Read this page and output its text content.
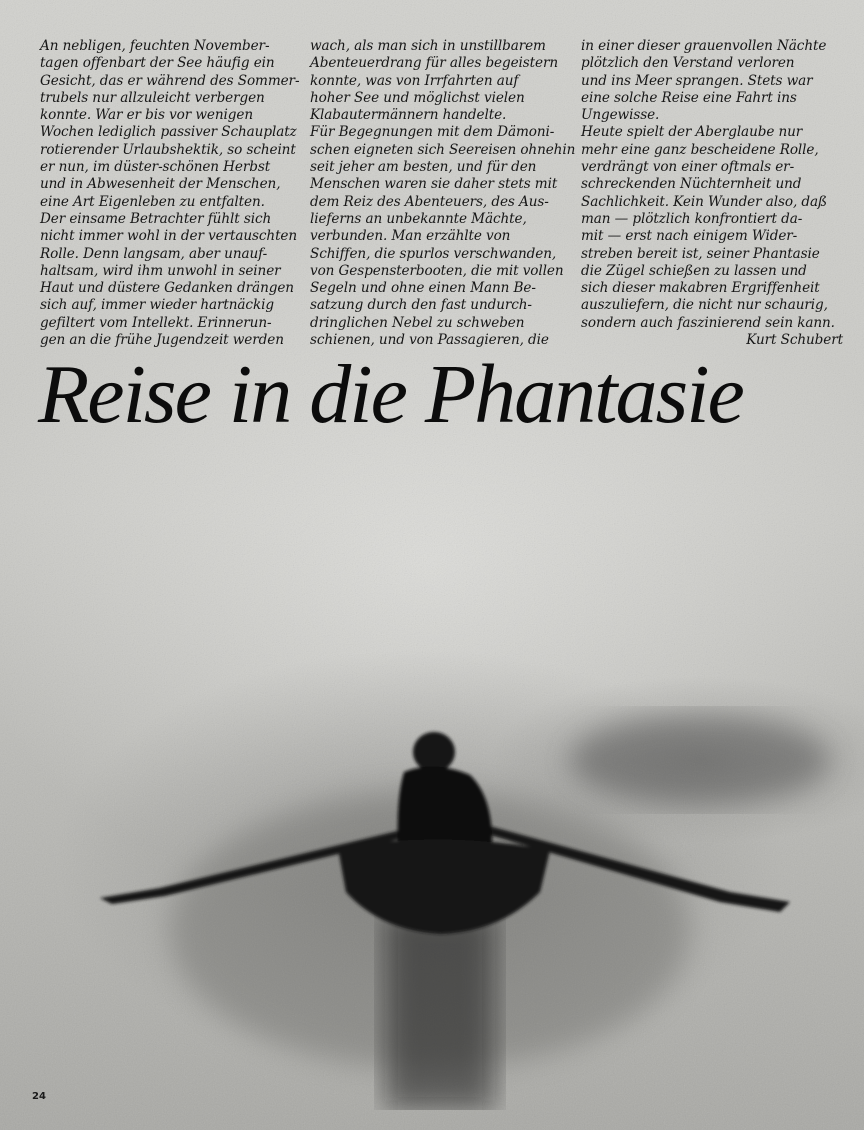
An nebligen, feuchten November-
tagen offenbart der See häufig ein
Gesicht, das er während des Sommer-
trubels nur allzuleicht verbergen
konnte. War er bis vor wenigen
Wochen lediglich passiver Schauplatz
rotierender Urlaubshektik, so scheint
er nun, im düster-schönen Herbst
und in Abwesenheit der Menschen,
eine Art Eigenleben zu entfalten.
Der einsame Betrachter fühlt sich
nicht immer wohl in der vertauschten
Rolle. Denn langsam, aber unauf-
haltsam, wird ihm unwohl in seiner
Haut und düstere Gedanken drängen
sich auf, immer wieder hartnäckig
gefiltert vom Intellekt. Erinnerun-
gen an die frühe Jugendzeit werden
wach, als man sich in unstillbarem
Abenteuerdrang für alles begeistern
konnte, was von Irrfahrten auf
hoher See und möglichst vielen
Klabautermännern handelte.
Für Begegnungen mit dem Dämoni-
schen eigneten sich Seereisen ohnehin
seit jeher am besten, und für den
Menschen waren sie daher stets mit
dem Reiz des Abenteuers, des Aus-
lieferns an unbekannte Mächte,
verbunden. Man erzählte von
Schiffen, die spurlos verschwanden,
von Gespensterbooten, die mit vollen
Segeln und ohne einen Mann Be-
satzung durch den fast undurch-
dringlichen Nebel zu schweben
schienen, und von Passagieren, die
in einer dieser grauenvollen Nächte
plötzlich den Verstand verloren
und ins Meer sprangen. Stets war
eine solche Reise eine Fahrt ins
Ungewisse.
Heute spielt der Aberglaube nur
mehr eine ganz bescheidene Rolle,
verdrängt von einer oftmals er-
schreckenden Nüchternheit und
Sachlichkeit. Kein Wunder also, daß
man — plötzlich konfrontiert da-
mit — erst nach einigem Wider-
streben bereit ist, seiner Phantasie
die Zügel schießen zu lassen und
sich dieser makabren Ergriffenheit
auszuliefern, die nicht nur schaurig,
sondern auch faszinierend sein kann.
Kurt Schubert
Reise in die Phantasie
24
